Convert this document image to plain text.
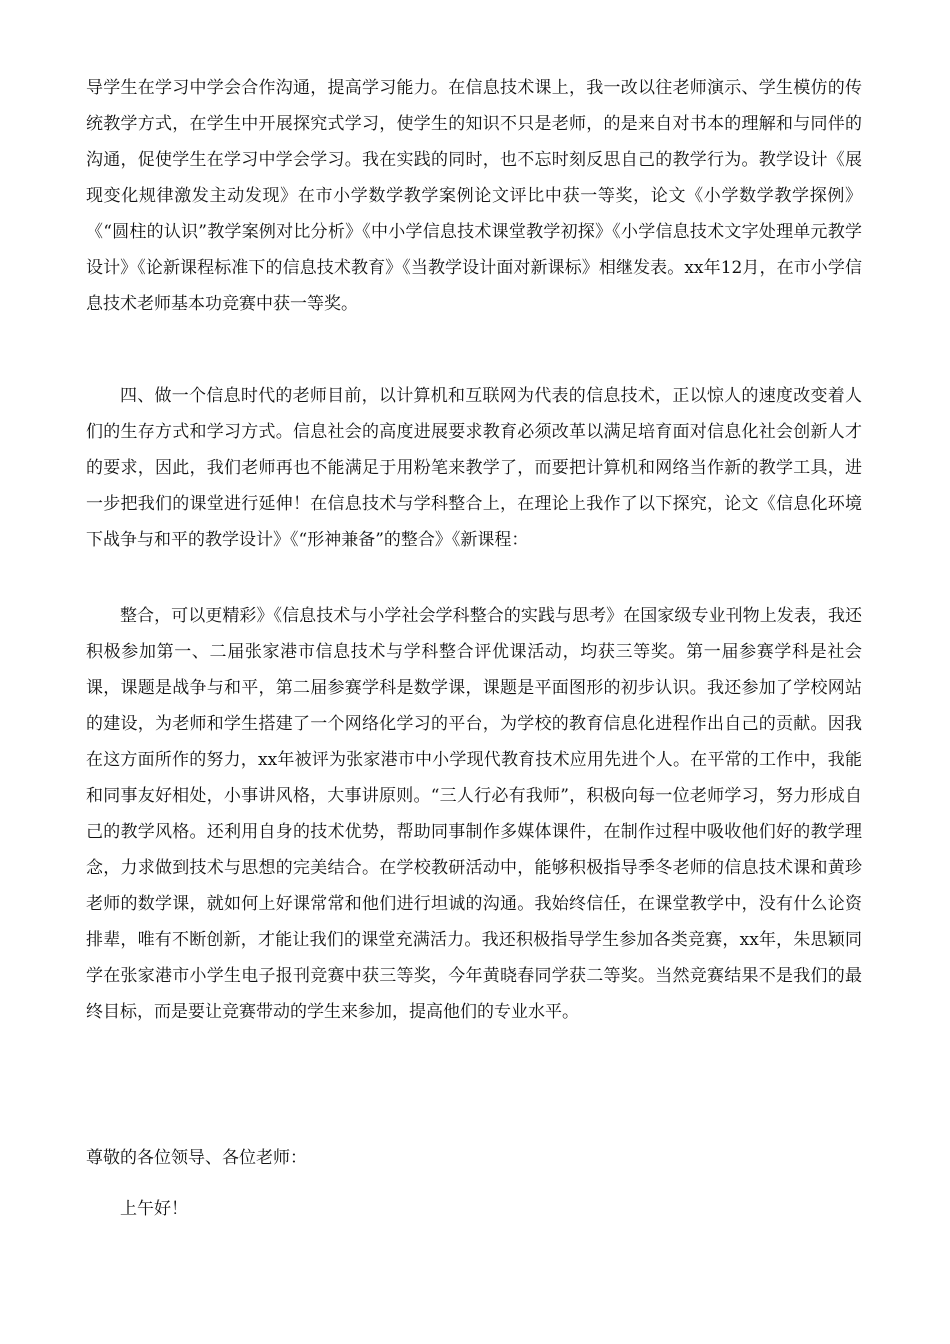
导学生在学习中学会合作沟通，提高学习能力。在信息技术课上，我一改以往老师演示、学生模仿的传统教学方式，在学生中开展探究式学习，使学生的知识不只是老师，的是来自对书本的理解和与同伴的沟通，促使学生在学习中学会学习。我在实践的同时，也不忘时刻反思自己的教学行为。教学设计《展现变化规律激发主动发现》在市小学数学教学案例论文评比中获一等奖，论文《小学数学教学探例》《“圆柱的认识”教学案例对比分析》《中小学信息技术课堂教学初探》《小学信息技术文字处理单元教学设计》《论新课程标准下的信息技术教育》《当教学设计面对新课标》相继发表。xx年12月，在市小学信息技术老师基本功竞赛中获一等奖。

四、做一个信息时代的老师目前，以计算机和互联网为代表的信息技术，正以惊人的速度改变着人们的生存方式和学习方式。信息社会的高度进展要求教育必须改革以满足培育面对信息化社会创新人才的要求，因此，我们老师再也不能满足于用粉笔来教学了，而要把计算机和网络当作新的教学工具，进一步把我们的课堂进行延伸！在信息技术与学科整合上，在理论上我作了以下探究，论文《信息化环境下战争与和平的教学设计》《“形神兼备”的整合》《新课程：

整合，可以更精彩》《信息技术与小学社会学科整合的实践与思考》在国家级专业刊物上发表，我还积极参加第一、二届张家港市信息技术与学科整合评优课活动，均获三等奖。第一届参赛学科是社会课，课题是战争与和平，第二届参赛学科是数学课，课题是平面图形的初步认识。我还参加了学校网站的建设，为老师和学生搭建了一个网络化学习的平台，为学校的教育信息化进程作出自己的贡献。因我在这方面所作的努力，xx年被评为张家港市中小学现代教育技术应用先进个人。在平常的工作中，我能和同事友好相处，小事讲风格，大事讲原则。“三人行必有我师”，积极向每一位老师学习，努力形成自己的教学风格。还利用自身的技术优势，帮助同事制作多媒体课件，在制作过程中吸收他们好的教学理念，力求做到技术与思想的完美结合。在学校教研活动中，能够积极指导季冬老师的信息技术课和黄珍老师的数学课，就如何上好课常常和他们进行坦诚的沟通。我始终信任，在课堂教学中，没有什么论资排辈，唯有不断创新，才能让我们的课堂充满活力。我还积极指导学生参加各类竞赛，xx年，朱思颖同学在张家港市小学生电子报刊竞赛中获三等奖，今年黄晓春同学获二等奖。当然竞赛结果不是我们的最终目标，而是要让竞赛带动的学生来参加，提高他们的专业水平。

尊敬的各位领导、各位老师：

上午好！
